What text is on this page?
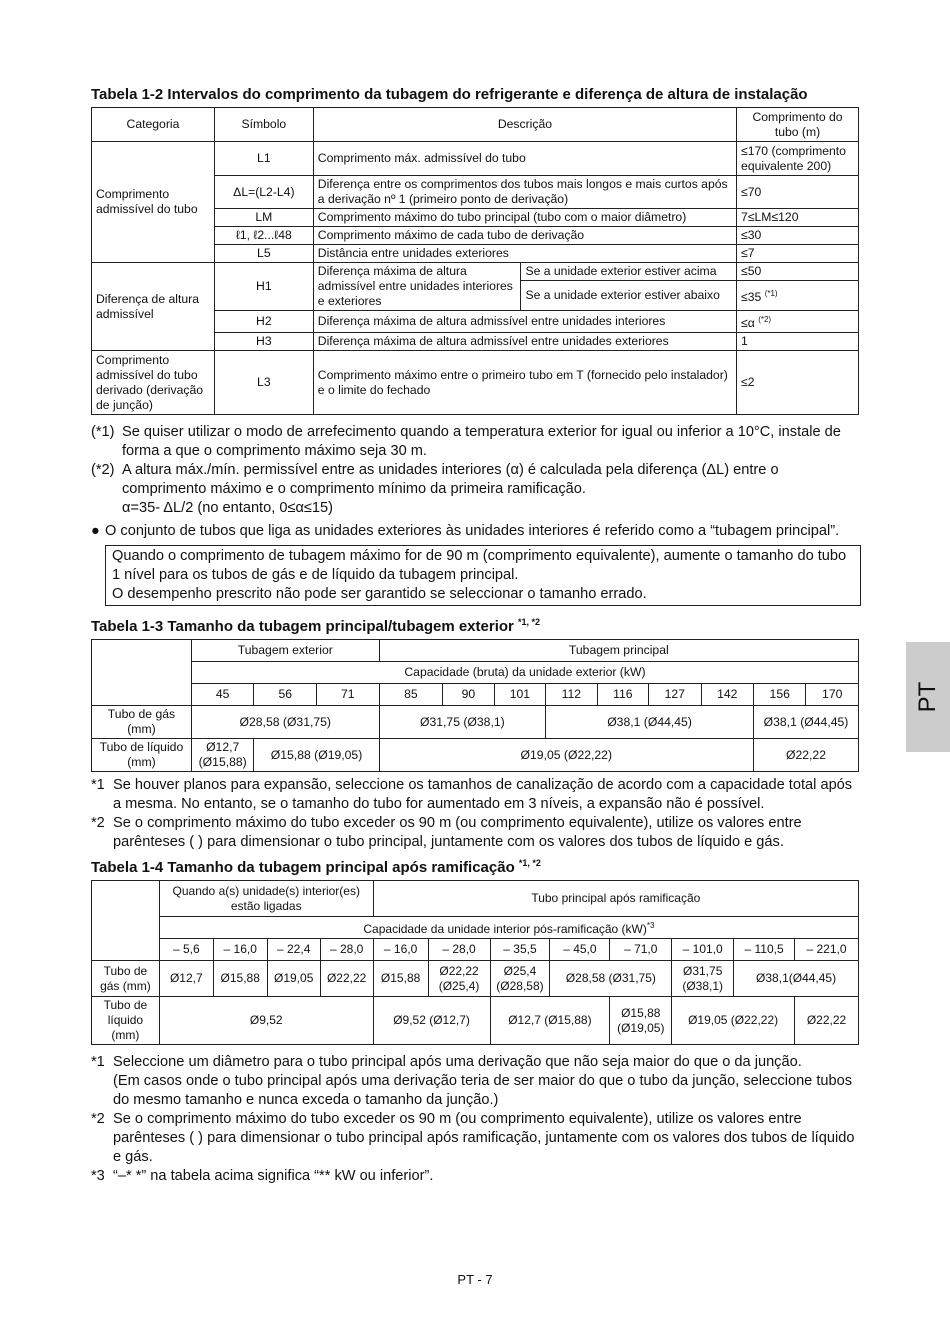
Tabela 1-2 Intervalos do comprimento da tubagem do refrigerante e diferença de altura de instalação
Categoria	Símbolo	Descrição		Comprimento do tubo (m)
Comprimento admissível do tubo	L1	Comprimento máx. admissível do tubo		≤170 (comprimento equivalente 200)
	ΔL=(L2-L4)	Diferença entre os comprimentos dos tubos mais longos e mais curtos após a derivação nº 1 (primeiro ponto de derivação)		≤70
	LM	Comprimento máximo do tubo principal (tubo com o maior diâmetro)		7≤LM≤120
	ℓ1, ℓ2...ℓ48	Comprimento máximo de cada tubo de derivação		≤30
	L5	Distância entre unidades exteriores		≤7
Diferença de altura admissível	H1	Diferença máxima de altura admissível entre unidades interiores e exteriores	Se a unidade exterior estiver acima	≤50
			Se a unidade exterior estiver abaixo	≤35 $^{(*1)}$
	H2	Diferença máxima de altura admissível entre unidades interiores		≤α $^{(*2)}$
	H3	Diferença máxima de altura admissível entre unidades exteriores		1
Comprimento admissível do tubo derivado (derivação de junção)	L3	Comprimento máximo entre o primeiro tubo em T (fornecido pelo instalador) e o limite do fechado		≤2
(*1) Se quiser utilizar o modo de arrefecimento quando a temperatura exterior for igual ou inferior a 10°C, instale de forma a que o comprimento máximo seja 30 m.
(*2) A altura máx./mín. permissível entre as unidades interiores (α) é calculada pela diferença (ΔL) entre o comprimento máximo e o comprimento mínimo da primeira ramificação.
α=35- ΔL/2 (no entanto, 0≤α≤15)
● O conjunto de tubos que liga as unidades exteriores às unidades interiores é referido como a “tubagem principal”.
Quando o comprimento de tubagem máximo for de 90 m (comprimento equivalente), aumente o tamanho do tubo 1 nível para os tubos de gás e de líquido da tubagem principal.
O desempenho prescrito não pode ser garantido se seleccionar o tamanho errado.
Tabela 1-3 Tamanho da tubagem principal/tubagem exterior $^{*1, *2}$
	Tubagem exterior			Tubagem principal								
	Capacidade (bruta) da unidade exterior (kW)											
	45	56	71	85	90	101	112	116	127	142	156	170
Tubo de gás (mm)	Ø28,58 (Ø31,75)			Ø31,75 (Ø38,1)			Ø38,1 (Ø44,45)				Ø38,1 (Ø44,45)	
Tubo de líquido (mm)	Ø12,7 (Ø15,88)	Ø15,88 (Ø19,05)		Ø19,05 (Ø22,22)							Ø22,22	
*1 Se houver planos para expansão, seleccione os tamanhos de canalização de acordo com a capacidade total após a mesma. No entanto, se o tamanho do tubo for aumentado em 3 níveis, a expansão não é possível.
*2 Se o comprimento máximo do tubo exceder os 90 m (ou comprimento equivalente), utilize os valores entre parênteses ( ) para dimensionar o tubo principal, juntamente com os valores dos tubos de líquido e gás.
Tabela 1-4 Tamanho da tubagem principal após ramificação $^{*1, *2}$
	Quando a(s) unidade(s) interior(es) estão ligadas				Tubo principal após ramificação							
	Capacidade da unidade interior pós-ramificação (kW)$^{*3}$
	– 5,6	– 16,0	– 22,4	– 28,0	– 16,0	– 28,0	– 35,5	– 45,0	– 71,0	– 101,0	– 110,5	– 221,0
Tubo de gás (mm)	Ø12,7	Ø15,88	Ø19,05	Ø22,22	Ø15,88	Ø22,22 (Ø25,4)	Ø25,4 (Ø28,58)	Ø28,58 (Ø31,75)		Ø31,75 (Ø38,1)	Ø38,1(Ø44,45)	
Tubo de líquido (mm)	Ø9,52				Ø9,52 (Ø12,7)		Ø12,7 (Ø15,88)		Ø15,88 (Ø19,05)	Ø19,05 (Ø22,22)		Ø22,22
*1 Seleccione um diâmetro para o tubo principal após uma derivação que não seja maior do que o da junção.
(Em casos onde o tubo principal após uma derivação teria de ser maior do que o tubo da junção, seleccione tubos do mesmo tamanho e nunca exceda o tamanho da junção.)
*2 Se o comprimento máximo do tubo exceder os 90 m (ou comprimento equivalente), utilize os valores entre parênteses ( ) para dimensionar o tubo principal após ramificação, juntamente com os valores dos tubos de líquido e gás.
*3 “–* *” na tabela acima significa “** kW ou inferior”.
PT
PT - 7
